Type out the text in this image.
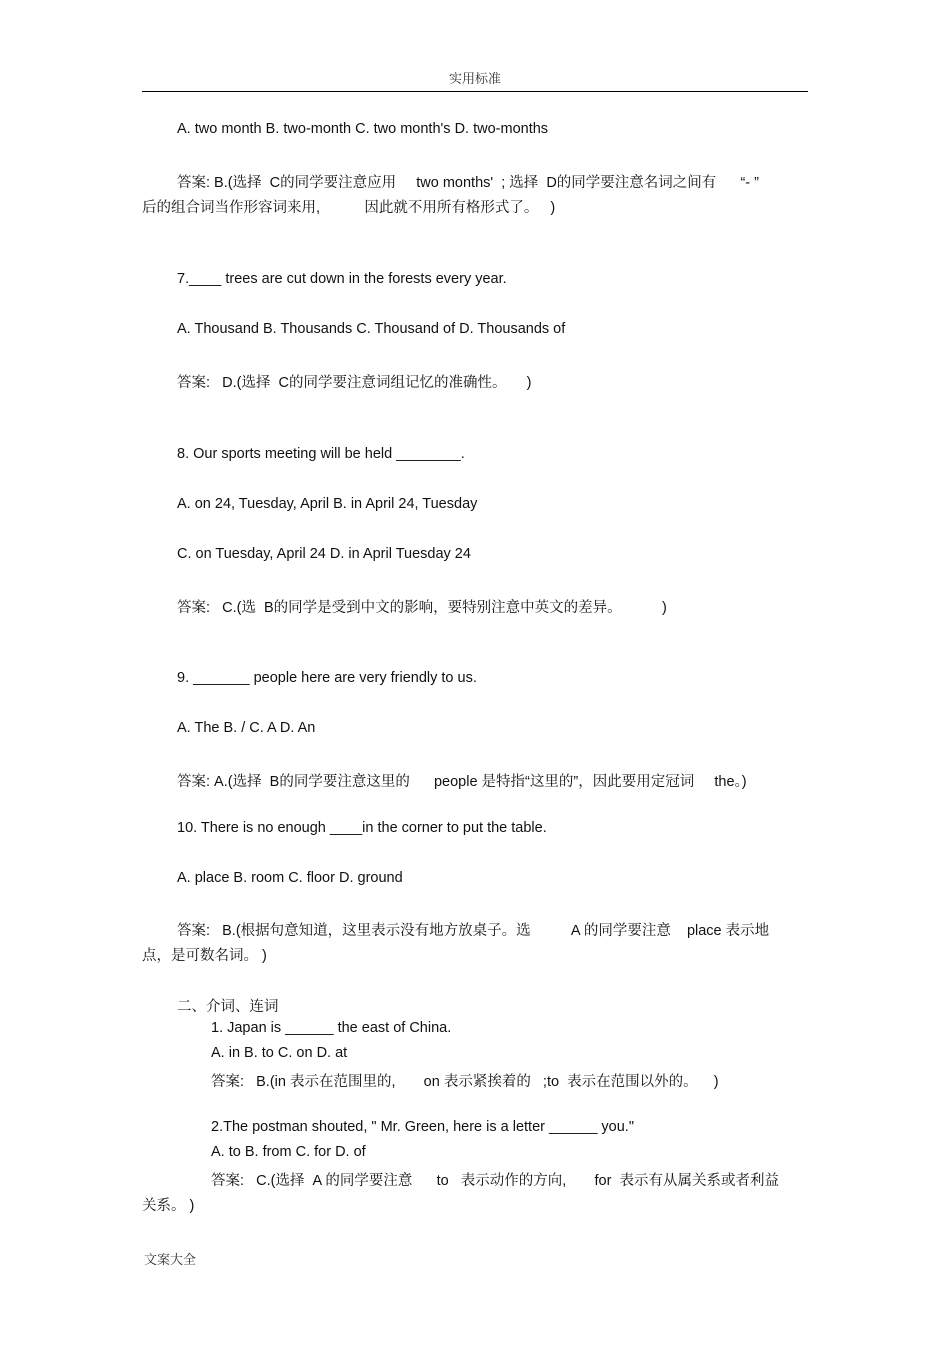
实用标准
A. two month B. two-month C. two month's D. two-months
答案: B.(选择  C的同学要注意应用     two months'  ; 选择  D的同学要注意名词之间有      “- ”
后的组合词当作形容词来用,           因此就不用所有格形式了。   )
7.____ trees are cut down in the forests every year.
A. Thousand B. Thousands C. Thousand of D. Thousands of
答案:   D.(选择  C的同学要注意词组记忆的准确性。     )
8. Our sports meeting will be held ________.
A. on 24, Tuesday, April B. in April 24, Tuesday
C. on Tuesday, April 24 D. in April Tuesday 24
答案:   C.(选  B的同学是受到中文的影响，要特别注意中英文的差异。          )
9. _______ people here are very friendly to us.
A. The B. / C. A D. An
答案: A.(选择  B的同学要注意这里的      people 是特指“这里的”，因此要用定冠词     the。)
10. There is no enough ____in the corner to put the table.
A. place B. room C. floor D. ground
答案:   B.(根据句意知道，这里表示没有地方放桌子。选          A 的同学要注意    place 表示地
点，是可数名词。 )
二、介词、连词
1. Japan is ______ the east of China.
A. in B. to C. on D. at
答案:   B.(in 表示在范围里的,       on 表示紧挨着的   ;to  表示在范围以外的。    )
2.The postman shouted, " Mr. Green, here is a letter ______ you."
A. to B. from C. for D. of
答案:   C.(选择  A 的同学要注意      to   表示动作的方向,       for  表示有从属关系或者利益
关系。 )
文案大全
